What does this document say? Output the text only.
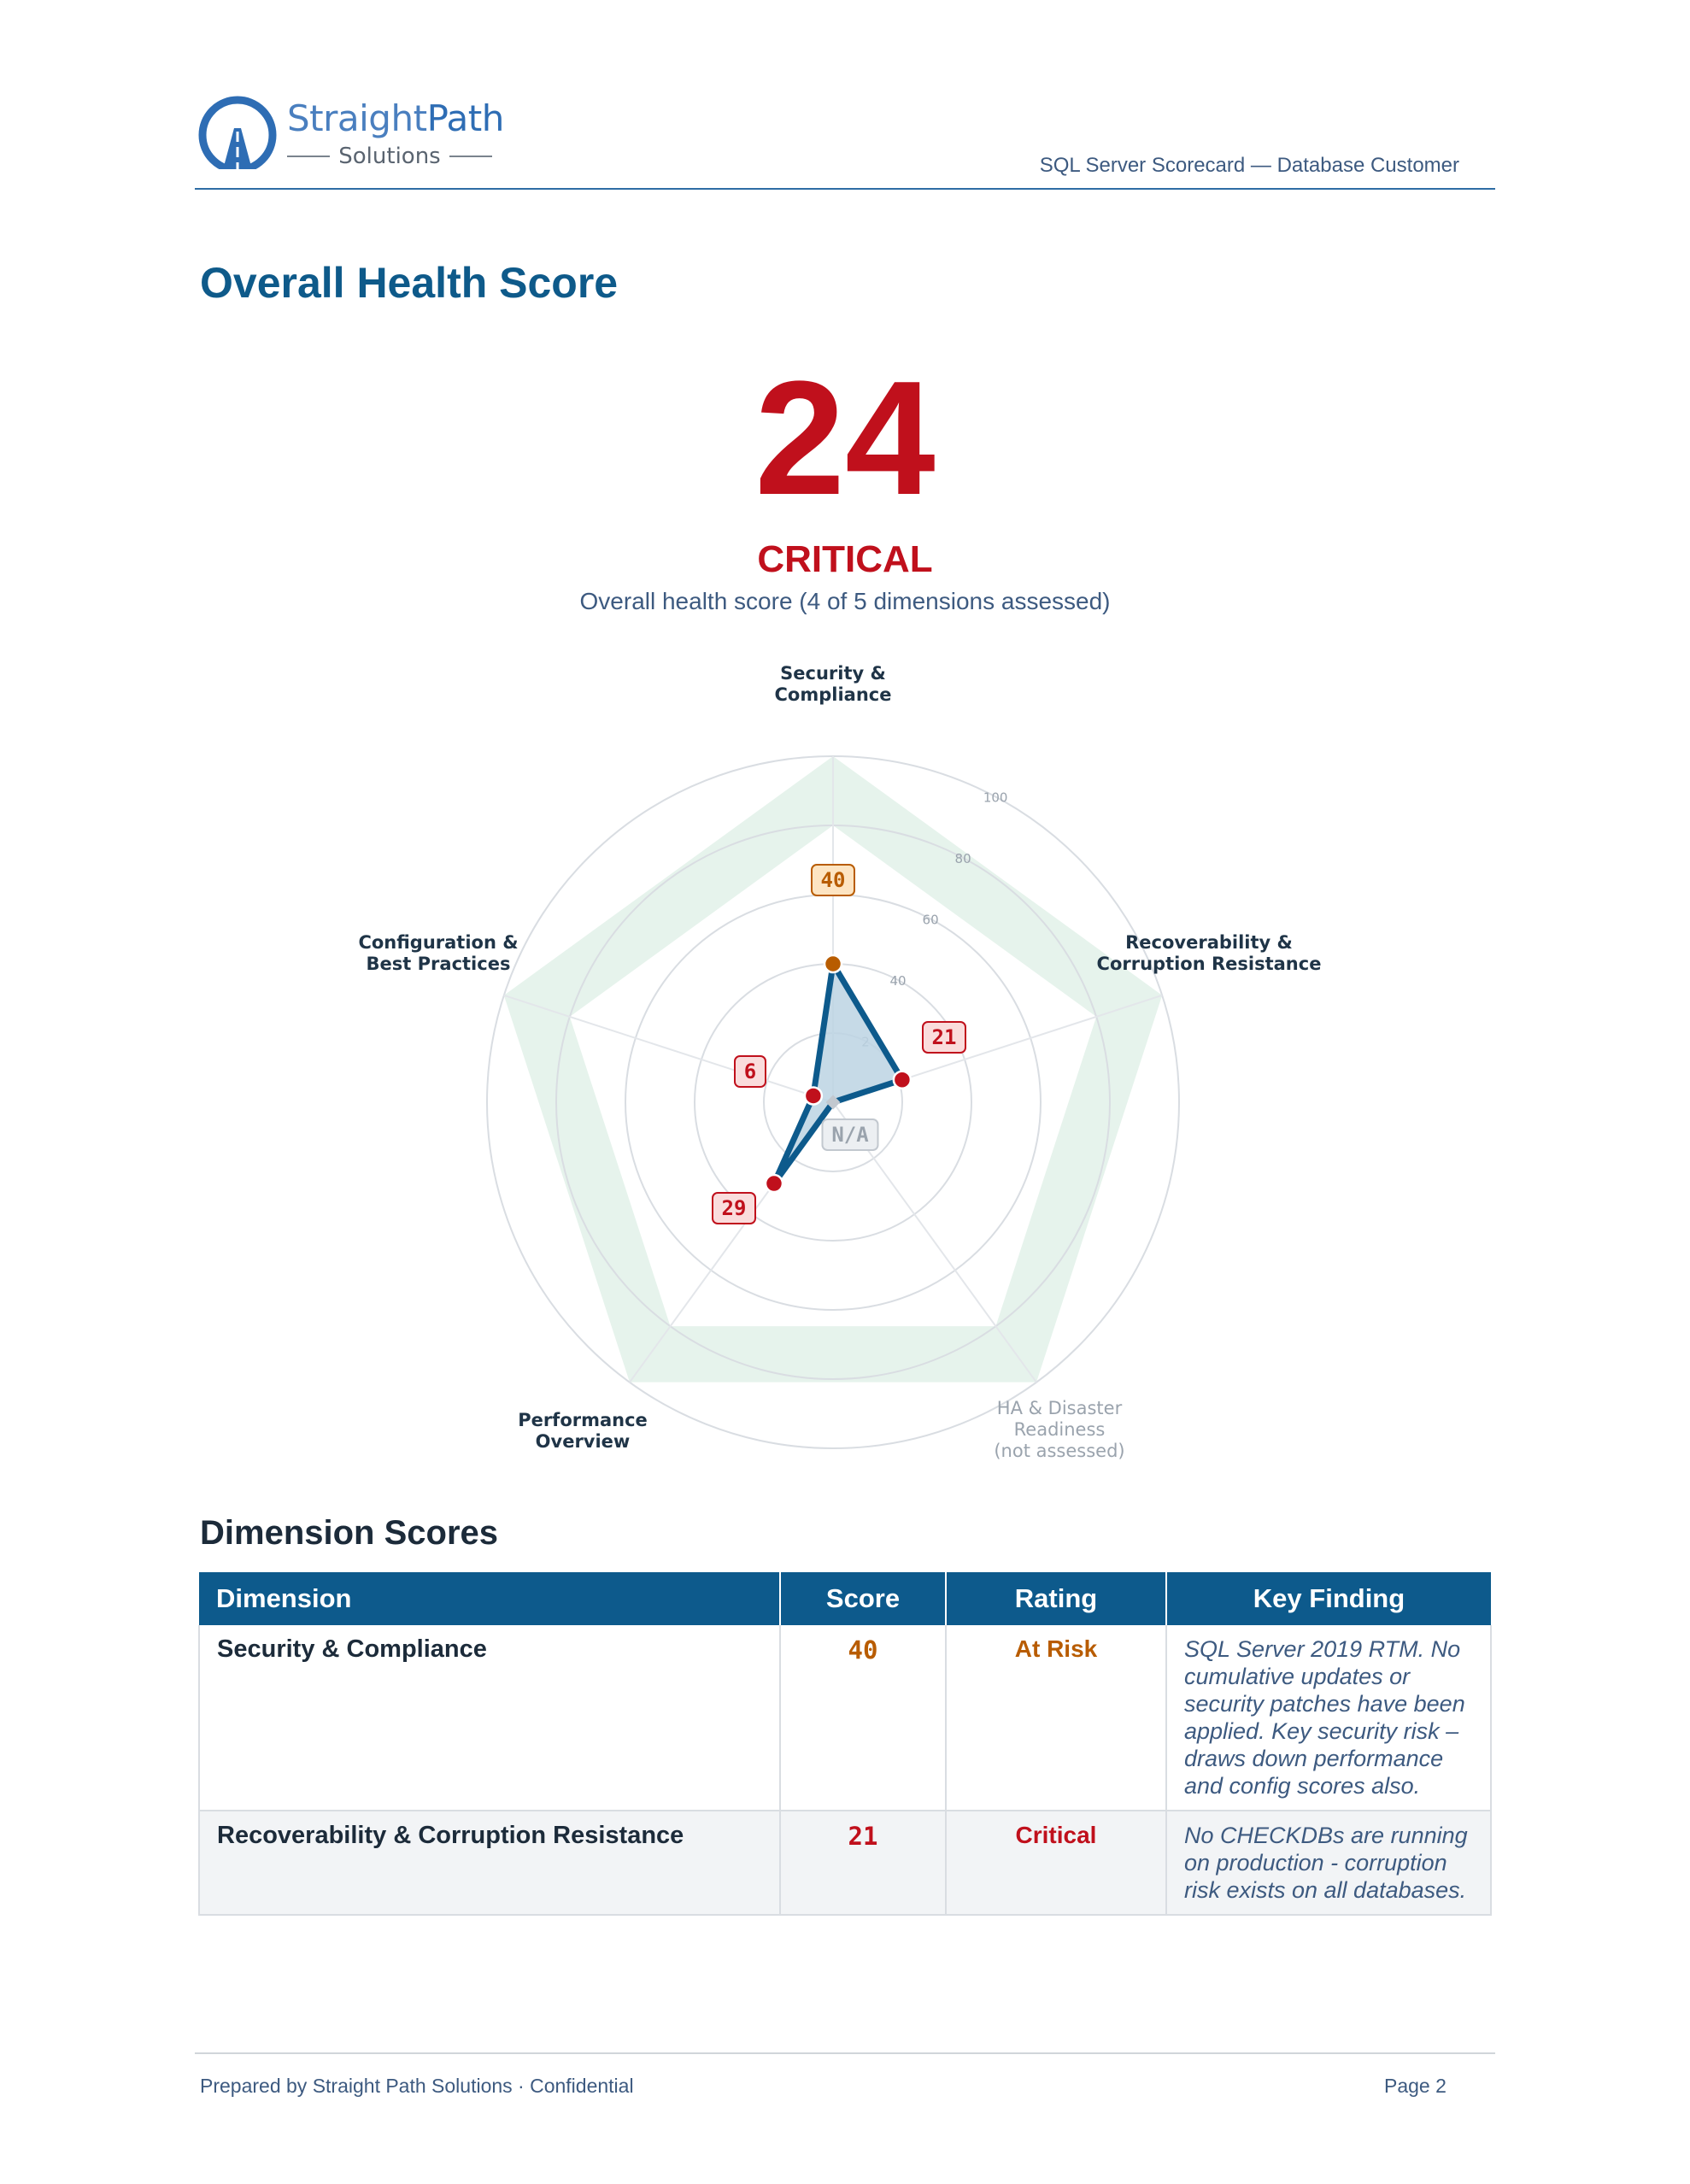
StraightPath
Solutions	SQL Server Scorecard — Database Customer
Overall Health Score
24
CRITICAL
Overall health score (4 of 5 dimensions assessed)
40
60
80
100
40
21
N/A
29
6
Security & Compliance
Recoverability & Corruption Resistance
HA & Disaster Readiness (not assessed)
Performance Overview
Configuration & Best Practices
Dimension Scores
Dimension	Score	Rating	Key Finding
Security & Compliance	40	At Risk	SQL Server 2019 RTM. No cumulative updates or security patches have been applied. Key security risk – draws down performance and config scores also.
Recoverability & Corruption Resistance	21	Critical	No CHECKDBs are running on production - corruption risk exists on all databases.
Prepared by Straight Path Solutions · Confidential	Page 2
